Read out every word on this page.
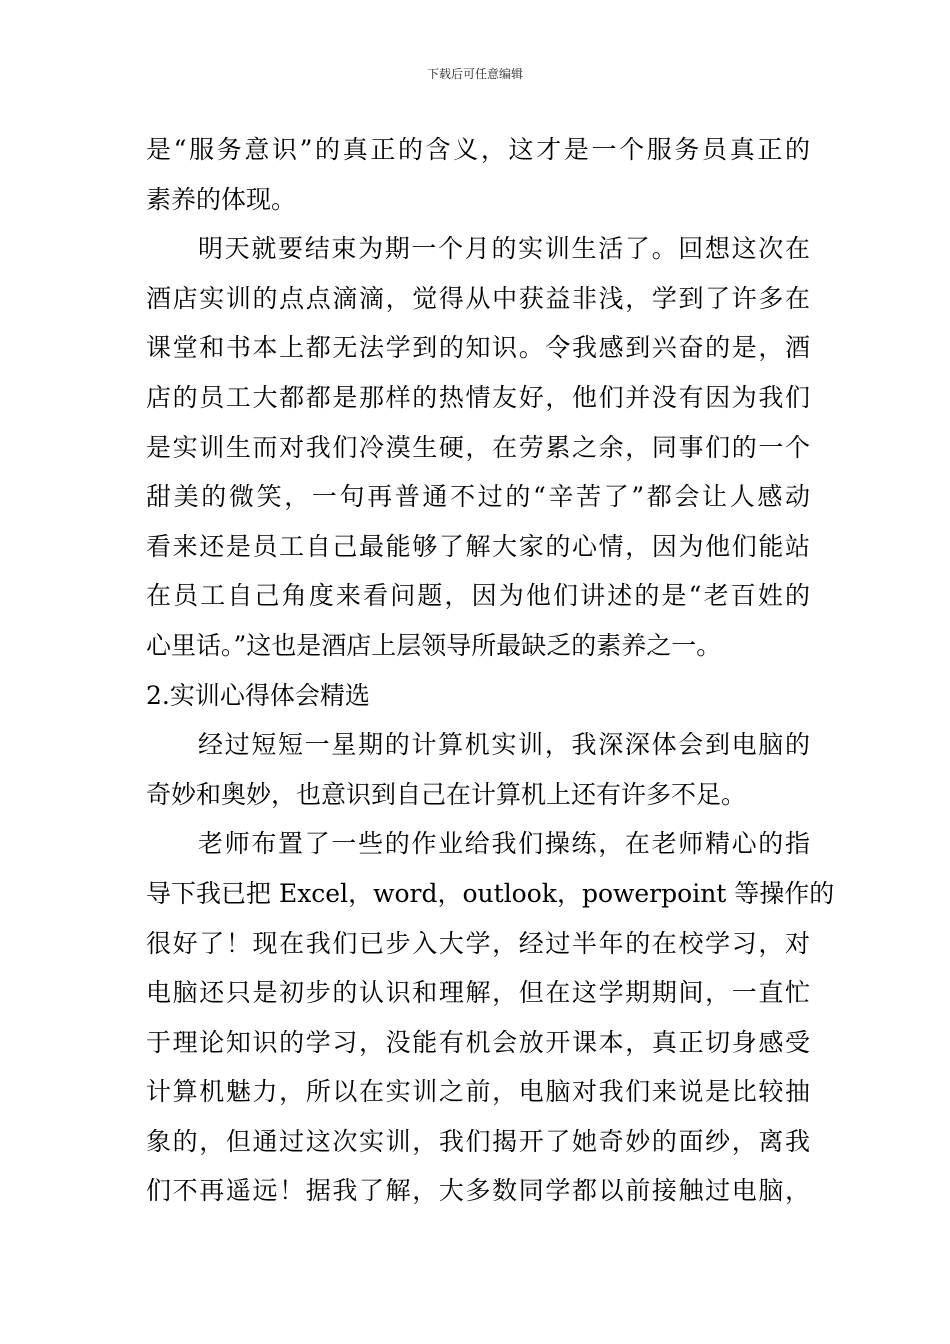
下载后可任意编辑
是“服务意识”的真正的含义，这才是一个服务员真正的
素养的体现。
明天就要结束为期一个月的实训生活了。回想这次在
酒店实训的点点滴滴，觉得从中获益非浅，学到了许多在
课堂和书本上都无法学到的知识。令我感到兴奋的是，酒
店的员工大都都是那样的热情友好，他们并没有因为我们
是实训生而对我们冷漠生硬，在劳累之余，同事们的一个
甜美的微笑，一句再普通不过的“辛苦了”都会让人感动
看来还是员工自己最能够了解大家的心情，因为他们能站
在员工自己角度来看问题，因为他们讲述的是“老百姓的
心里话。”这也是酒店上层领导所最缺乏的素养之一。
2.实训心得体会精选
经过短短一星期的计算机实训，我深深体会到电脑的
奇妙和奥妙，也意识到自己在计算机上还有许多不足。
老师布置了一些的作业给我们操练，在老师精心的指
导下我已把 Excel，word，outlook，powerpoint 等操作的
很好了！现在我们已步入大学，经过半年的在校学习，对
电脑还只是初步的认识和理解，但在这学期期间，一直忙
于理论知识的学习，没能有机会放开课本，真正切身感受
计算机魅力，所以在实训之前，电脑对我们来说是比较抽
象的，但通过这次实训，我们揭开了她奇妙的面纱，离我
们不再遥远！据我了解，大多数同学都以前接触过电脑，
